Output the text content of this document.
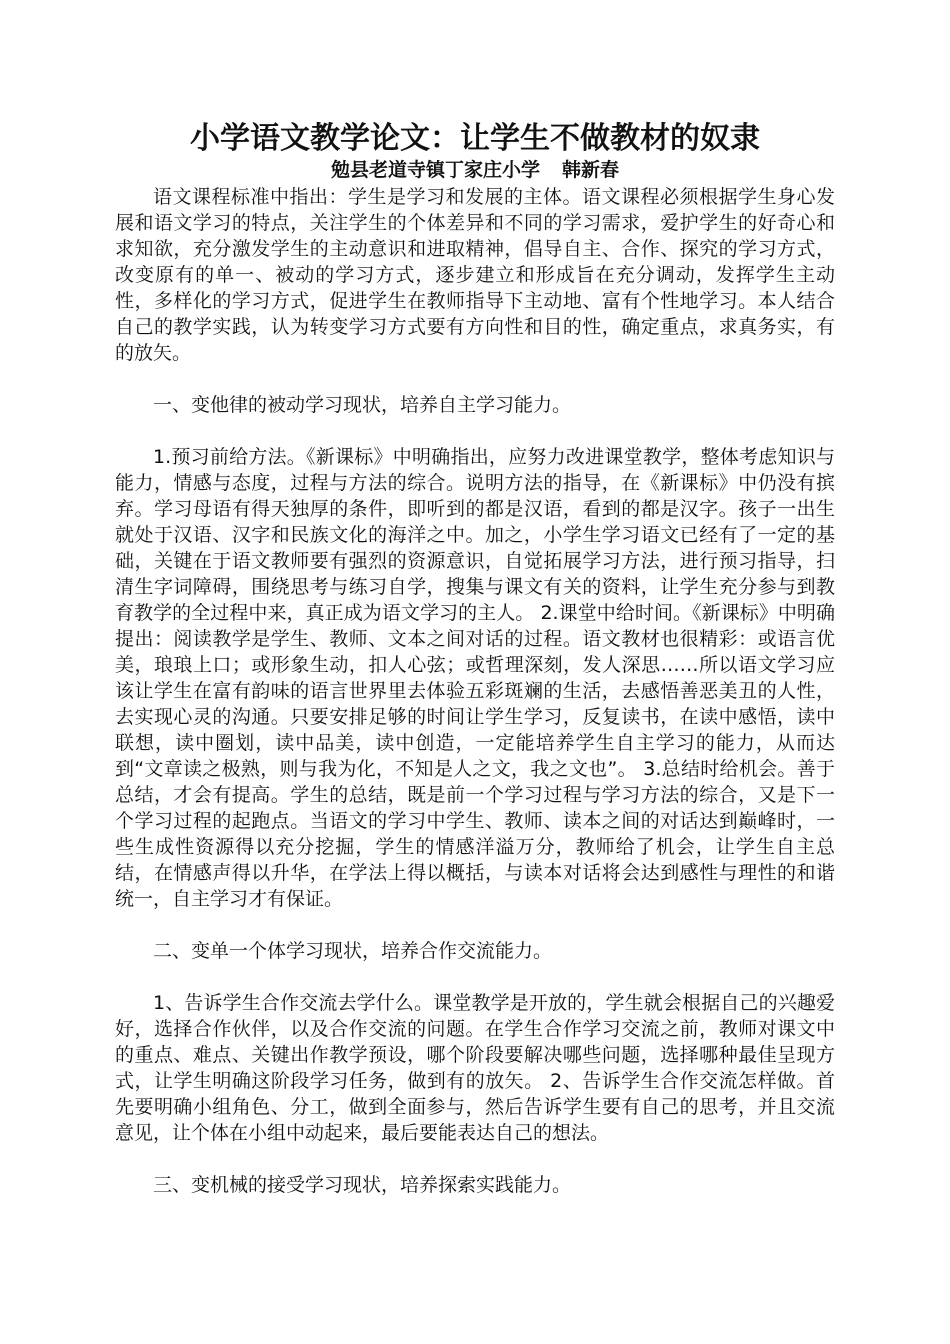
小学语文教学论文：让学生不做教材的奴隶

勉县老道寺镇丁家庄小学 韩新春

语文课程标准中指出：学生是学习和发展的主体。语文课程必须根据学生身心发展和语文学习的特点，关注学生的个体差异和不同的学习需求，爱护学生的好奇心和求知欲，充分激发学生的主动意识和进取精神，倡导自主、合作、探究的学习方式，改变原有的单一、被动的学习方式，逐步建立和形成旨在充分调动，发挥学生主动性，多样化的学习方式，促进学生在教师指导下主动地、富有个性地学习。本人结合自己的教学实践，认为转变学习方式要有方向性和目的性，确定重点，求真务实，有的放矢。

一、变他律的被动学习现状，培养自主学习能力。

1.预习前给方法。《新课标》中明确指出，应努力改进课堂教学，整体考虑知识与能力，情感与态度，过程与方法的综合。说明方法的指导，在《新课标》中仍没有摈弃。学习母语有得天独厚的条件，即听到的都是汉语，看到的都是汉字。孩子一出生就处于汉语、汉字和民族文化的海洋之中。加之，小学生学习语文已经有了一定的基础，关键在于语文教师要有强烈的资源意识，自觉拓展学习方法，进行预习指导，扫清生字词障碍，围绕思考与练习自学，搜集与课文有关的资料，让学生充分参与到教育教学的全过程中来，真正成为语文学习的主人。 2.课堂中给时间。《新课标》中明确提出：阅读教学是学生、教师、文本之间对话的过程。语文教材也很精彩：或语言优美，琅琅上口；或形象生动，扣人心弦；或哲理深刻，发人深思……所以语文学习应该让学生在富有韵味的语言世界里去体验五彩斑斓的生活，去感悟善恶美丑的人性，去实现心灵的沟通。只要安排足够的时间让学生学习，反复读书，在读中感悟，读中联想，读中圈划，读中品美，读中创造，一定能培养学生自主学习的能力，从而达到“文章读之极熟，则与我为化，不知是人之文，我之文也”。 3.总结时给机会。善于总结，才会有提高。学生的总结，既是前一个学习过程与学习方法的综合，又是下一个学习过程的起跑点。当语文的学习中学生、教师、读本之间的对话达到巅峰时，一些生成性资源得以充分挖掘，学生的情感洋溢万分，教师给了机会，让学生自主总结，在情感声得以升华，在学法上得以概括，与读本对话将会达到感性与理性的和谐统一，自主学习才有保证。

二、变单一个体学习现状，培养合作交流能力。

1、告诉学生合作交流去学什么。课堂教学是开放的，学生就会根据自己的兴趣爱好，选择合作伙伴，以及合作交流的问题。在学生合作学习交流之前，教师对课文中的重点、难点、关键出作教学预设，哪个阶段要解决哪些问题，选择哪种最佳呈现方式，让学生明确这阶段学习任务，做到有的放矢。 2、告诉学生合作交流怎样做。首先要明确小组角色、分工，做到全面参与，然后告诉学生要有自己的思考，并且交流意见，让个体在小组中动起来，最后要能表达自己的想法。

三、变机械的接受学习现状，培养探索实践能力。
